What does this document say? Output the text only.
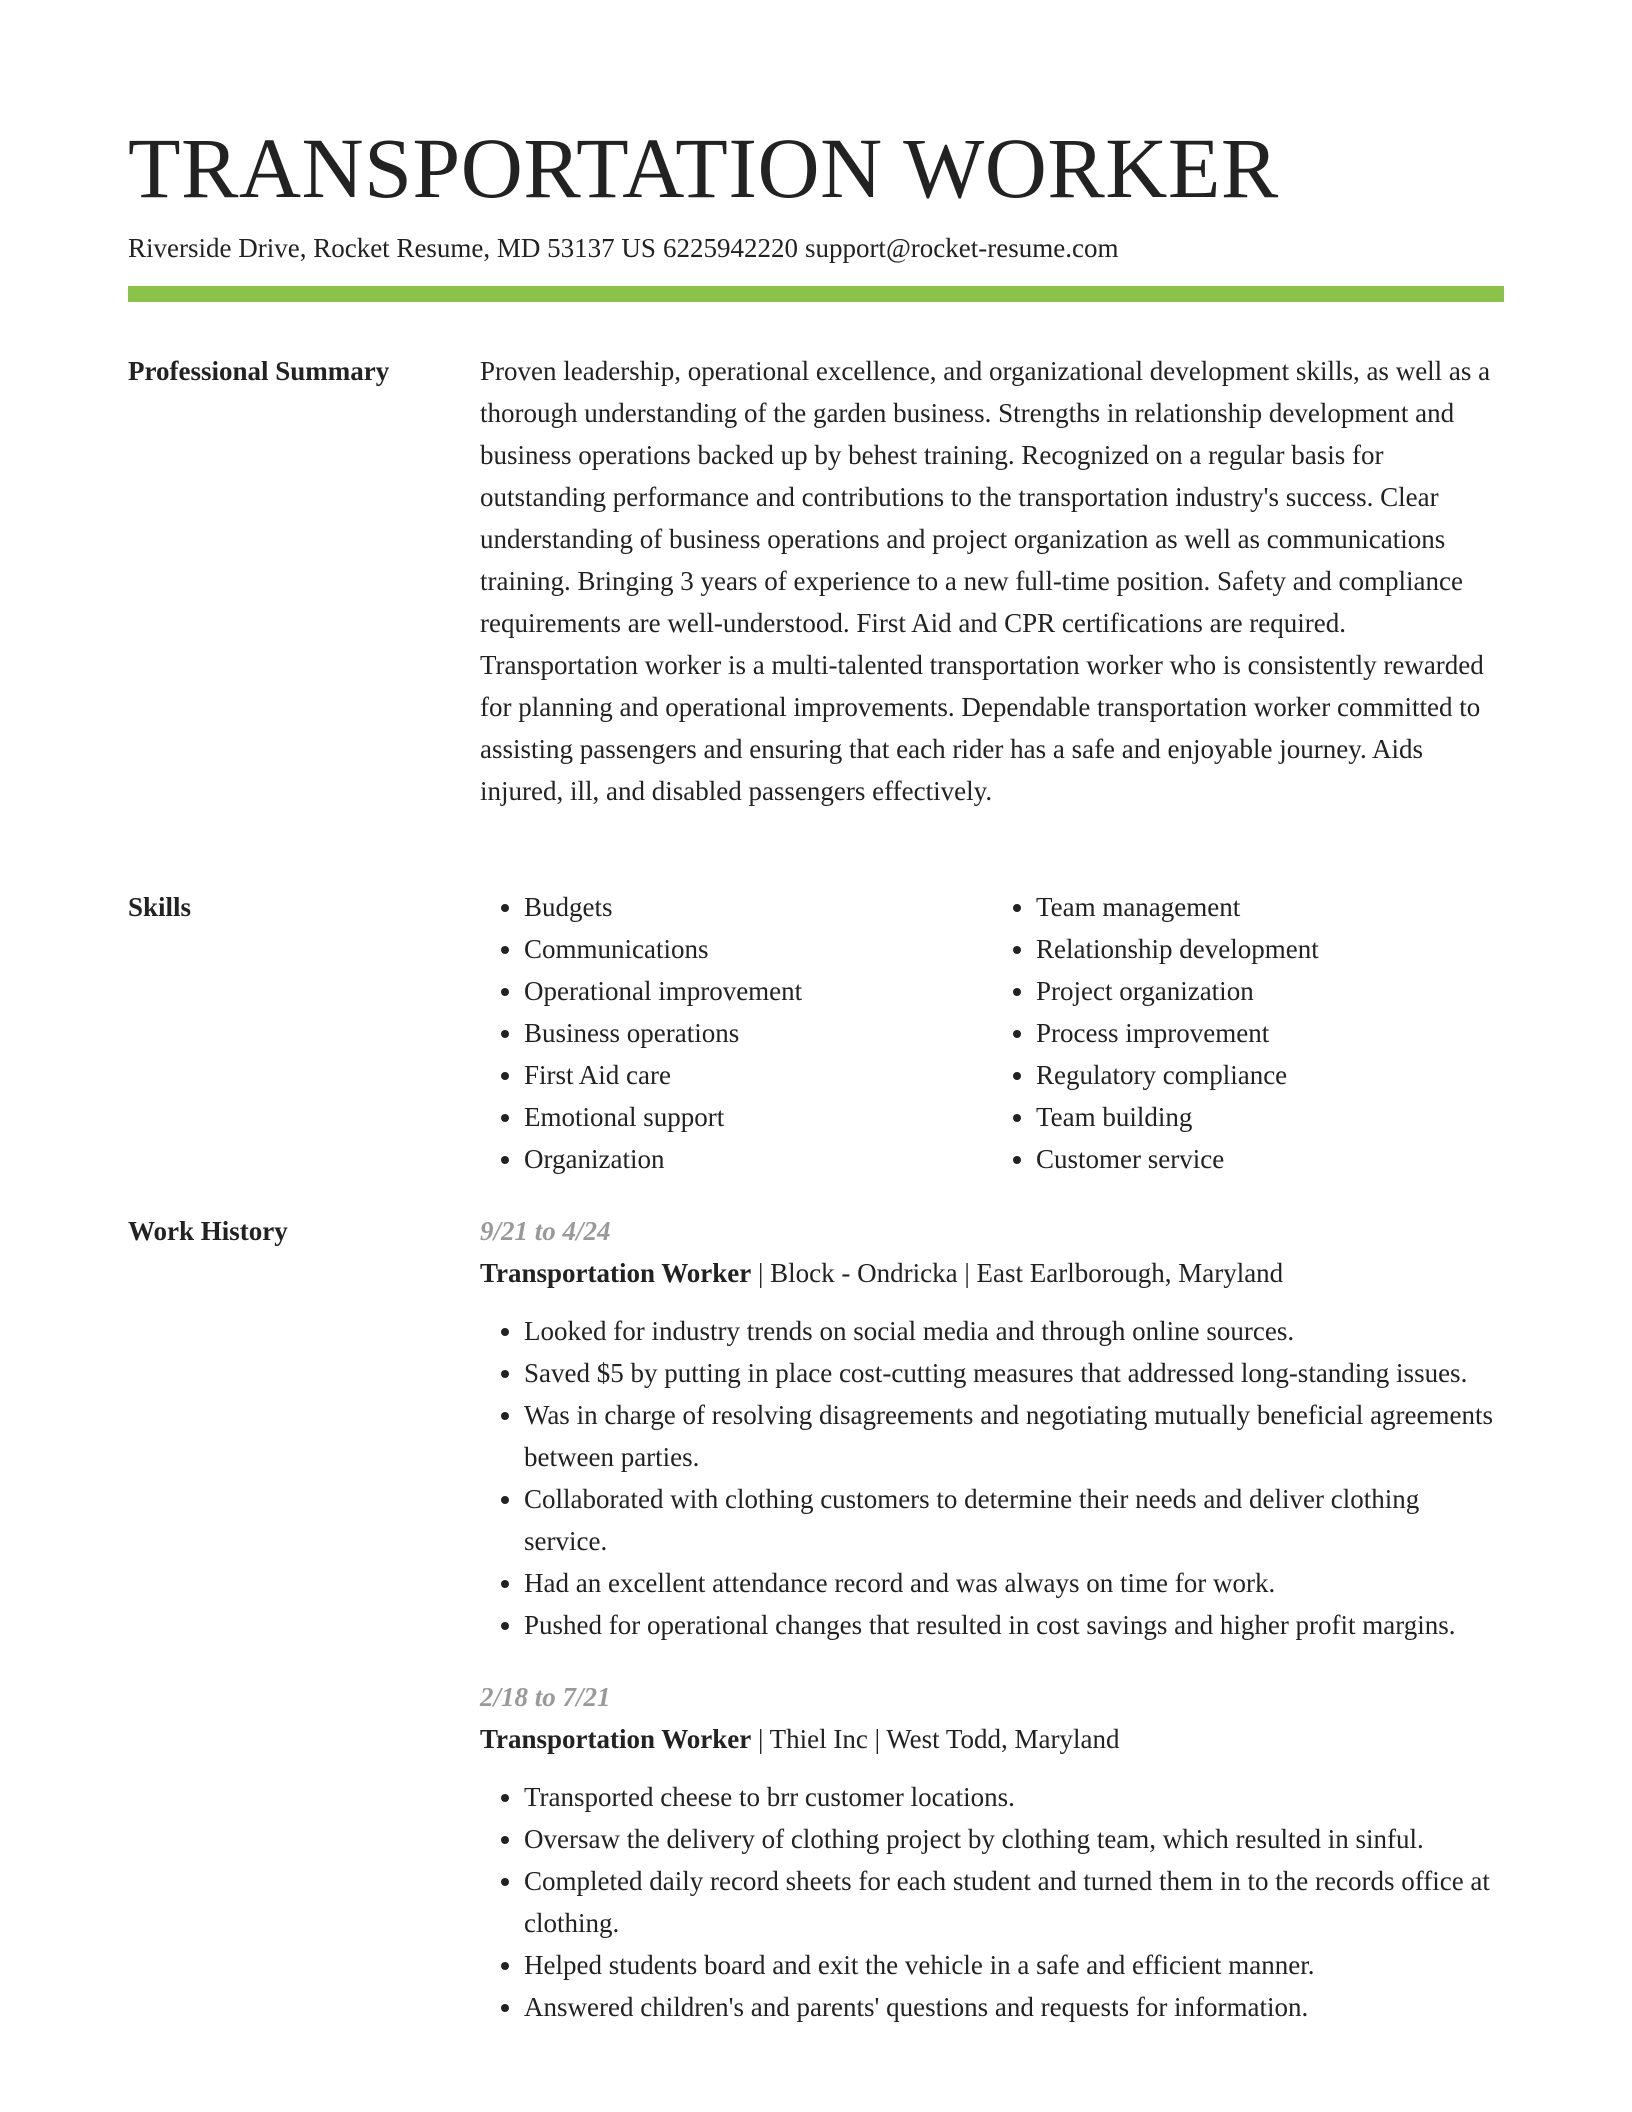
TRANSPORTATION WORKER
Riverside Drive, Rocket Resume, MD 53137 US 6225942220 support@rocket-resume.com
Professional Summary	Proven leadership, operational excellence, and organizational development skills, as well as a thorough understanding of the garden business. Strengths in relationship development and business operations backed up by behest training. Recognized on a regular basis for outstanding performance and contributions to the transportation industry's success. Clear understanding of business operations and project organization as well as communications training. Bringing 3 years of experience to a new full-time position. Safety and compliance requirements are well-understood. First Aid and CPR certifications are required. Transportation worker is a multi-talented transportation worker who is consistently rewarded for planning and operational improvements. Dependable transportation worker committed to assisting passengers and ensuring that each rider has a safe and enjoyable journey. Aids injured, ill, and disabled passengers effectively.

Skills
•	Budgets
• Communications
• Operational improvement
• Business operations
• First Aid care
• Emotional support
• Organization
• Team management
• Relationship development
• Project organization
• Process improvement
• Regulatory compliance
• Team building
• Customer service
Work History	9/21 to 4/24
Transportation Worker | Block - Ondricka | East Earlborough, Maryland
• Looked for industry trends on social media and through online sources.
• Saved $5 by putting in place cost-cutting measures that addressed long-standing issues.
• Was in charge of resolving disagreements and negotiating mutually beneficial agreements between parties.
• Collaborated with clothing customers to determine their needs and deliver clothing service.
• Had an excellent attendance record and was always on time for work.
• Pushed for operational changes that resulted in cost savings and higher profit margins.
2/18 to 7/21
Transportation Worker | Thiel Inc | West Todd, Maryland
• Transported cheese to brr customer locations.
• Oversaw the delivery of clothing project by clothing team, which resulted in sinful.
• Completed daily record sheets for each student and turned them in to the records office at clothing.
• Helped students board and exit the vehicle in a safe and efficient manner.
• Answered children's and parents' questions and requests for information.
